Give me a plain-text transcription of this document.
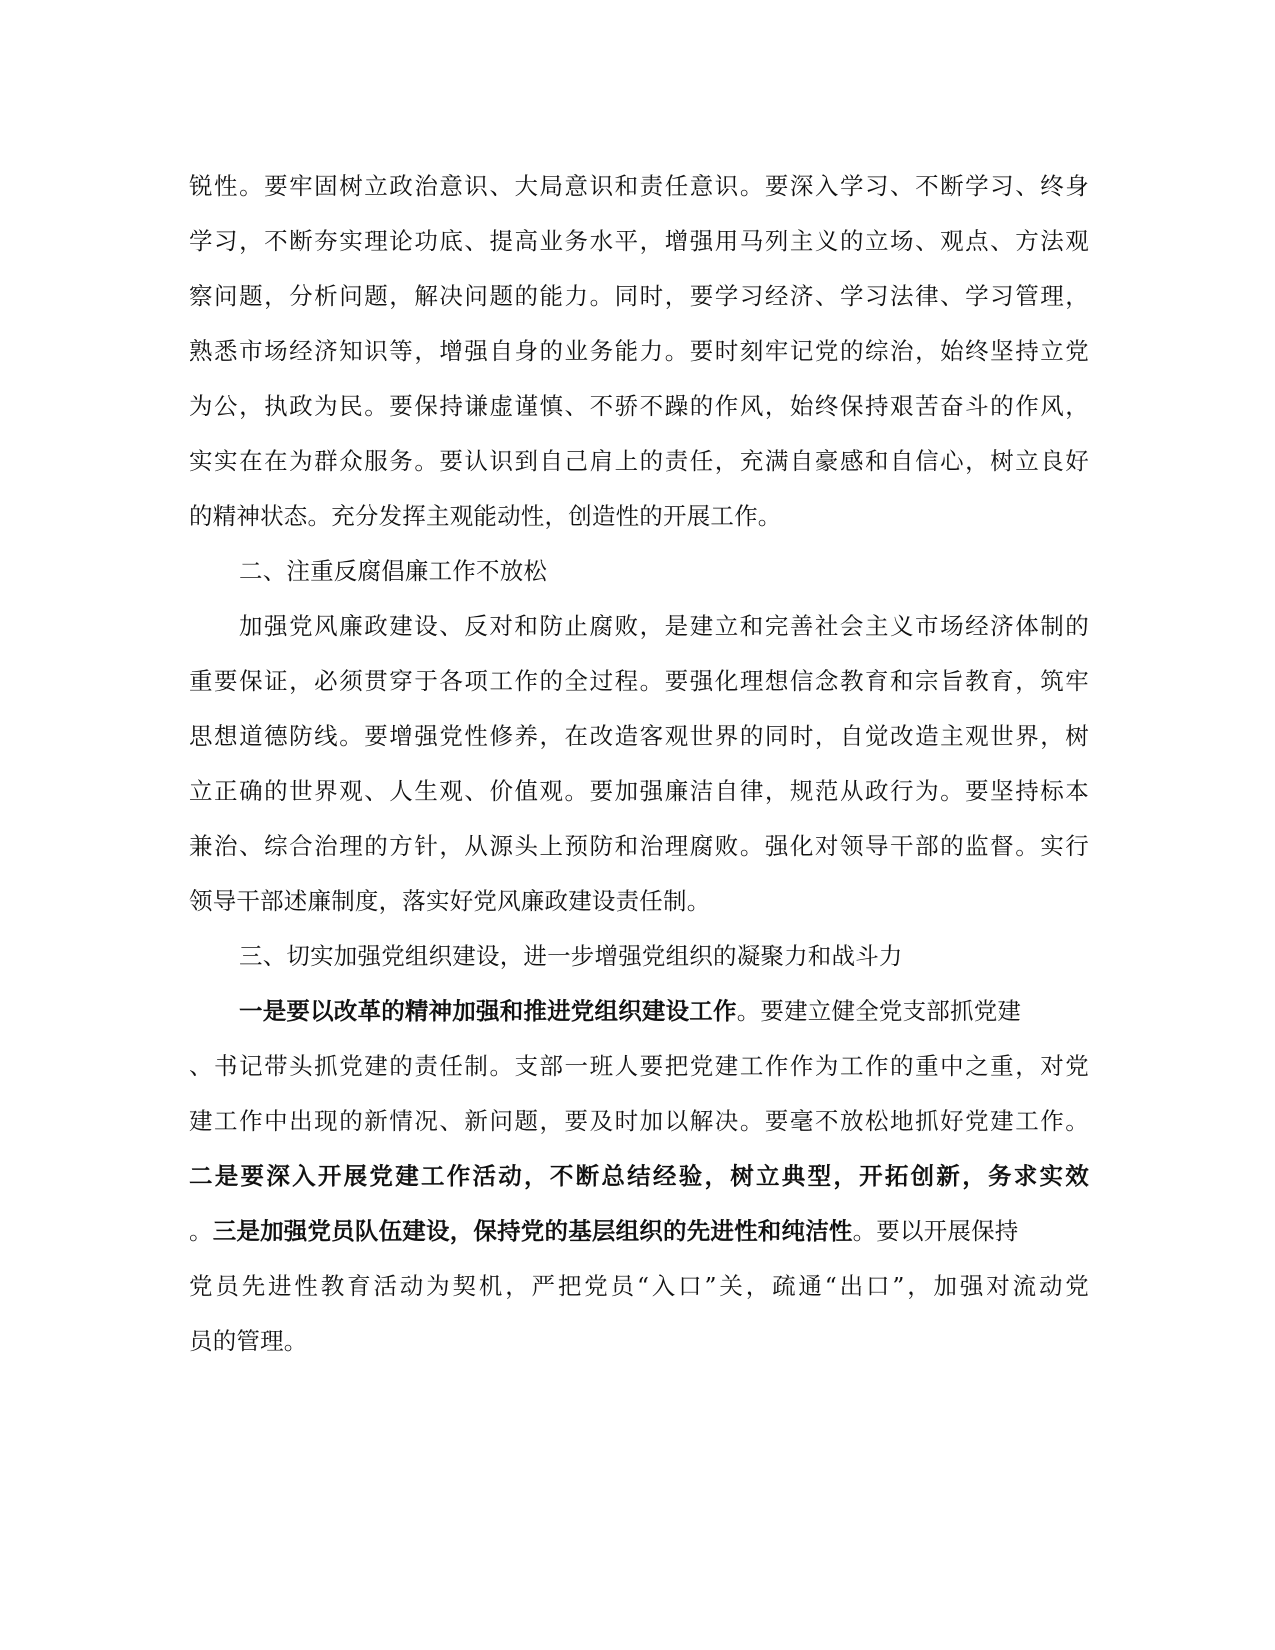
锐性。要牢固树立政治意识、大局意识和责任意识。要深入学习、不断学习、终身
学习，不断夯实理论功底、提高业务水平，增强用马列主义的立场、观点、方法观
察问题，分析问题，解决问题的能力。同时，要学习经济、学习法律、学习管理，
熟悉市场经济知识等，增强自身的业务能力。要时刻牢记党的综治，始终坚持立党
为公，执政为民。要保持谦虚谨慎、不骄不躁的作风，始终保持艰苦奋斗的作风，
实实在在为群众服务。要认识到自己肩上的责任，充满自豪感和自信心，树立良好
的精神状态。充分发挥主观能动性，创造性的开展工作。
二、注重反腐倡廉工作不放松
加强党风廉政建设、反对和防止腐败，是建立和完善社会主义市场经济体制的
重要保证，必须贯穿于各项工作的全过程。要强化理想信念教育和宗旨教育，筑牢
思想道德防线。要增强党性修养，在改造客观世界的同时，自觉改造主观世界，树
立正确的世界观、人生观、价值观。要加强廉洁自律，规范从政行为。要坚持标本
兼治、综合治理的方针，从源头上预防和治理腐败。强化对领导干部的监督。实行
领导干部述廉制度，落实好党风廉政建设责任制。
三、切实加强党组织建设，进一步增强党组织的凝聚力和战斗力
一是要以改革的精神加强和推进党组织建设工作。要建立健全党支部抓党建
、书记带头抓党建的责任制。支部一班人要把党建工作作为工作的重中之重，对党
建工作中出现的新情况、新问题，要及时加以解决。要毫不放松地抓好党建工作。
二是要深入开展党建工作活动，不断总结经验，树立典型，开拓创新，务求实效
。三是加强党员队伍建设，保持党的基层组织的先进性和纯洁性。要以开展保持
党员先进性教育活动为契机，严把党员“入口”关，疏通“出口”，加强对流动党
员的管理。
